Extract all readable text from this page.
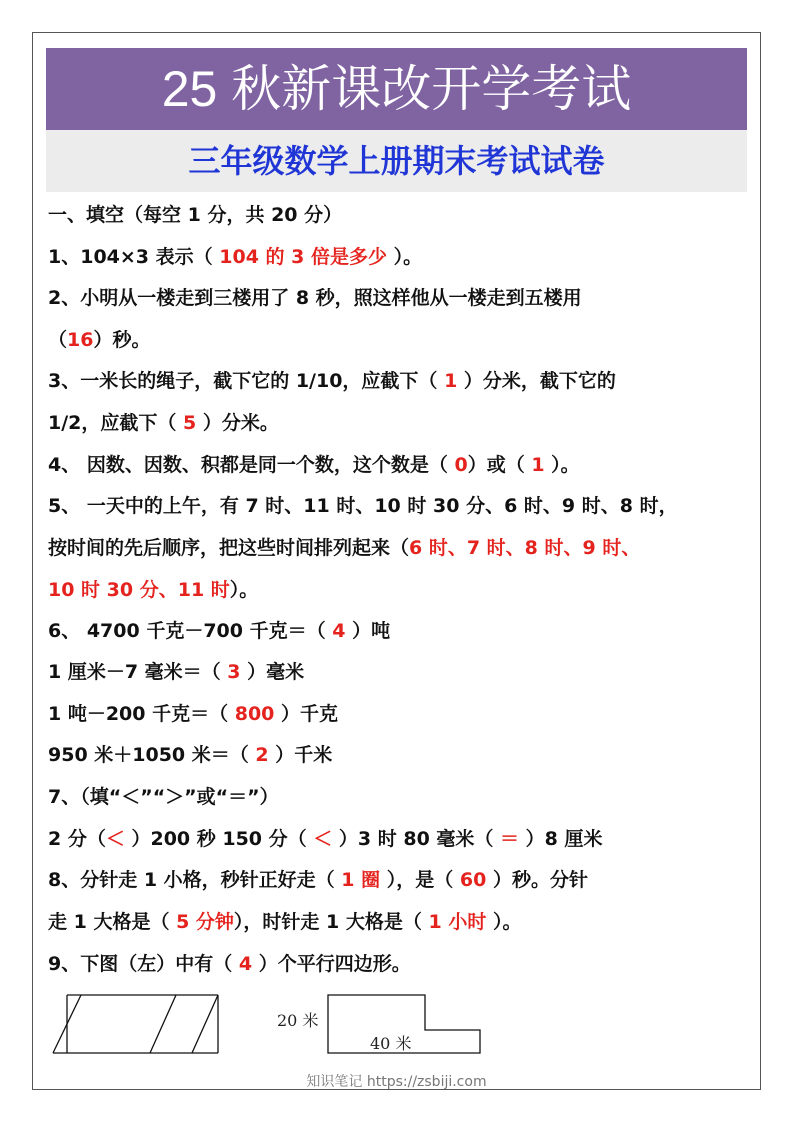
25 秋新课改开学考试
三年级数学上册期末考试试卷
一、填空（每空 1 分，共 20 分）
1、104×3 表示（ 104 的 3 倍是多少 ）。
2、小明从一楼走到三楼用了 8 秒，照这样他从一楼走到五楼用
（16）秒。
3、一米长的绳子，截下它的 1/10，应截下（ 1 ）分米，截下它的
1/2，应截下（ 5 ）分米。
4、 因数、因数、积都是同一个数，这个数是（ 0）或（ 1 ）。
5、 一天中的上午，有 7 时、11 时、10 时 30 分、6 时、9 时、8 时，
按时间的先后顺序，把这些时间排列起来（6 时、7 时、8 时、9 时、
10 时 30 分、11 时）。
6、 4700 千克－700 千克＝（ 4 ）吨
1 厘米－7 毫米＝（ 3 ）毫米
1 吨－200 千克＝（ 800 ）千克
950 米＋1050 米＝（ 2 ）千米
7、（填“＜”“＞”或“＝”）
2 分（＜ ）200 秒 150 分（ ＜ ）3 时 80 毫米（ ＝ ）8 厘米
8、分针走 1 小格，秒针正好走（ 1 圈 ），是（ 60 ）秒。分针
走 1 大格是（ 5 分钟），时针走 1 大格是（ 1 小时 ）。
9、下图（左）中有（ 4 ）个平行四边形。
20 米
40 米
知识笔记 https://zsbiji.com
